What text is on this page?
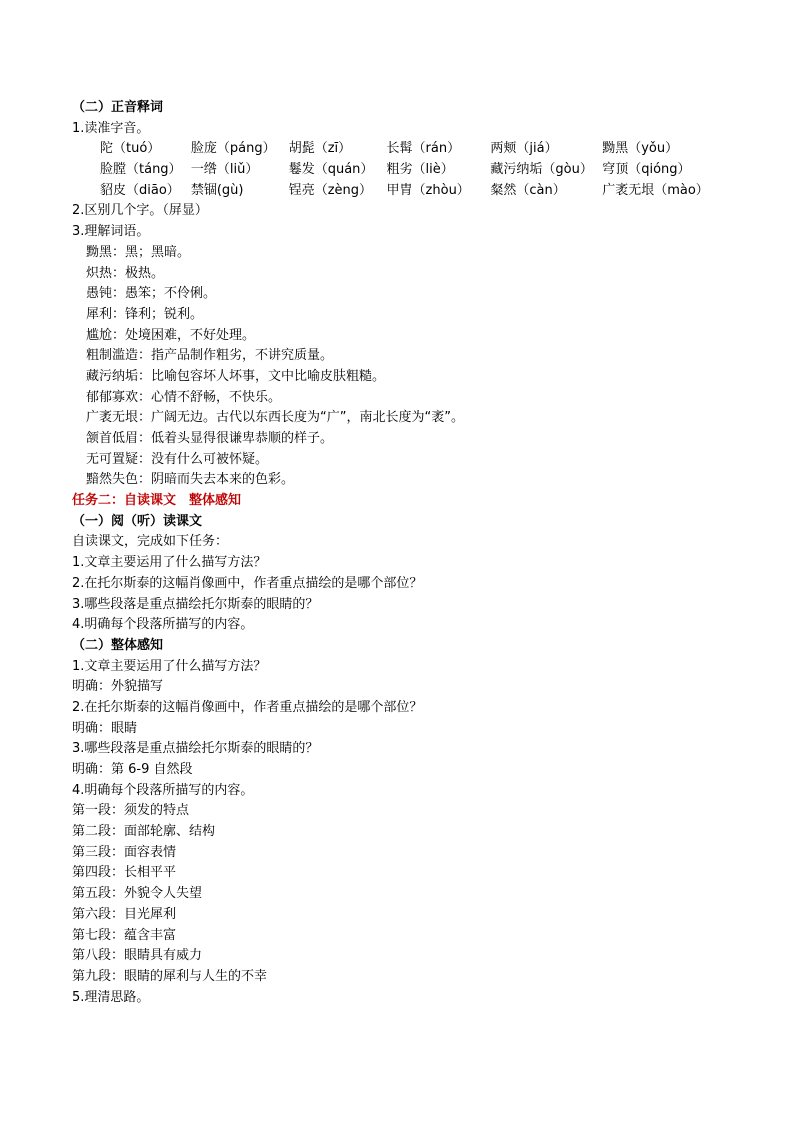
（二）正音释词
1.读准字音。
陀（tuó）	脸庞（páng）	胡髭（zī）	长髯（rán）	两颊（jiá）	黝黑（yǒu）
脸膛（táng） 一绺（liǔ）	鬈发（quán）	粗劣（liè）	藏污纳垢（gòu） 穹顶（qióng）
貂皮（diāo） 禁锢(gù)	锃亮（zèng）	甲胄（zhòu）	粲然（càn）	广袤无垠（mào）
2.区别几个字。（屏显）
3.理解词语。
黝黑：黑；黑暗。
炽热：极热。
愚钝：愚笨；不伶俐。
犀利：锋利；锐利。
尴尬：处境困难，不好处理。
粗制滥造：指产品制作粗劣，不讲究质量。
藏污纳垢：比喻包容坏人坏事，文中比喻皮肤粗糙。
郁郁寡欢：心情不舒畅，不快乐。
广袤无垠：广阔无边。古代以东西长度为“广”，南北长度为“袤”。
颔首低眉：低着头显得很谦卑恭顺的样子。
无可置疑：没有什么可被怀疑。
黯然失色：阴暗而失去本来的色彩。
任务二：自读课文　整体感知
（一）阅（听）读课文
自读课文，完成如下任务：
1.文章主要运用了什么描写方法？
2.在托尔斯泰的这幅肖像画中，作者重点描绘的是哪个部位？
3.哪些段落是重点描绘托尔斯泰的眼睛的？
4.明确每个段落所描写的内容。
（二）整体感知
1.文章主要运用了什么描写方法？
明确：外貌描写
2.在托尔斯泰的这幅肖像画中，作者重点描绘的是哪个部位？
明确：眼睛
3.哪些段落是重点描绘托尔斯泰的眼睛的？
明确：第 6-9 自然段
4.明确每个段落所描写的内容。
第一段：须发的特点
第二段：面部轮廓、结构
第三段：面容表情
第四段：长相平平
第五段：外貌令人失望
第六段：目光犀利
第七段：蕴含丰富
第八段：眼睛具有威力
第九段：眼睛的犀利与人生的不幸
5.理清思路。
